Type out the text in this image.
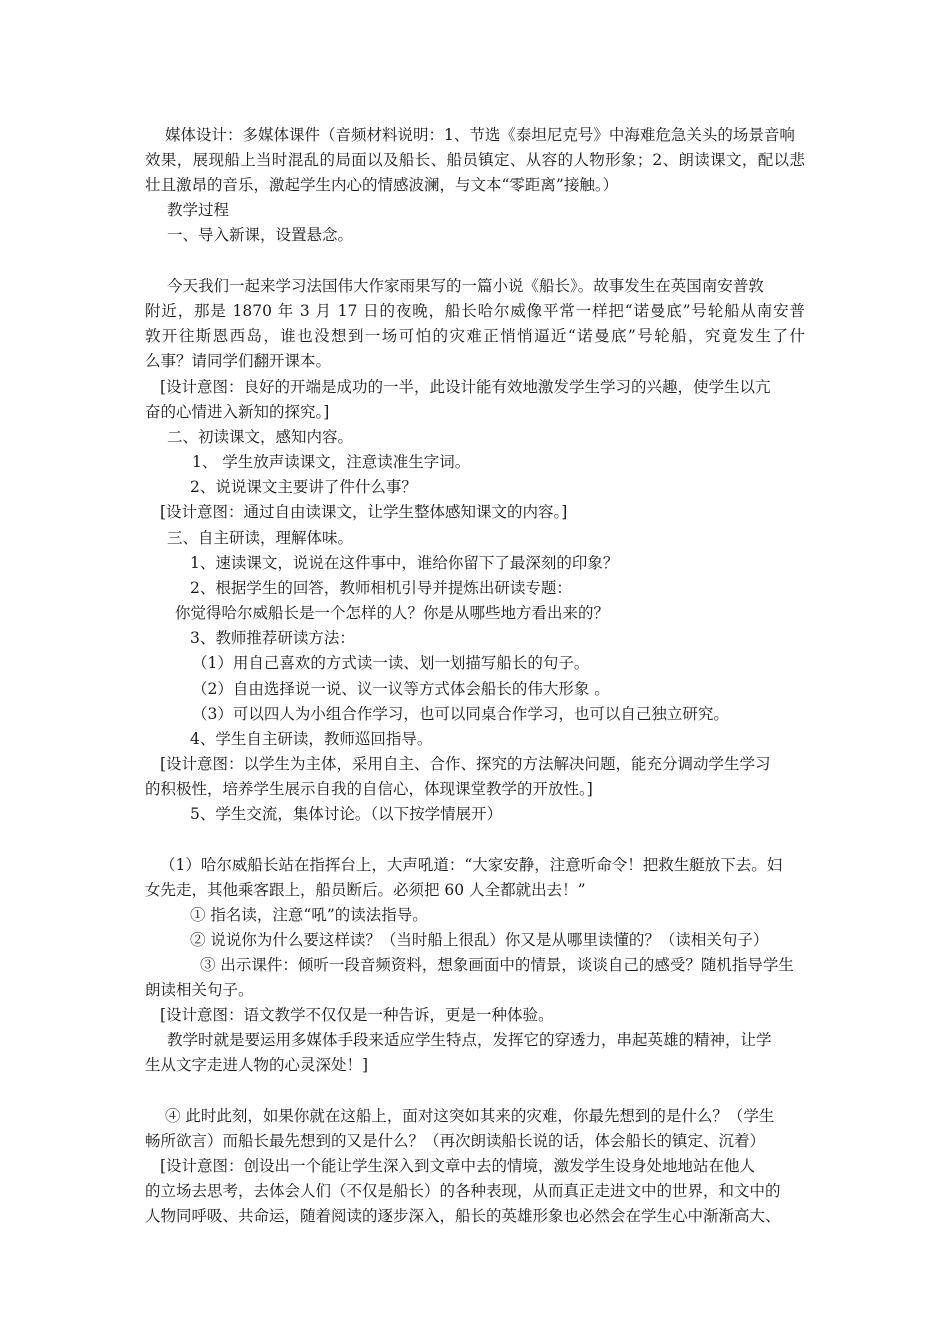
媒体设计：多媒体课件（音频材料说明：1、节选《泰坦尼克号》中海难危急关头的场景音响
效果，展现船上当时混乱的局面以及船长、船员镇定、从容的人物形象；2、朗读课文，配以悲
壮且激昂的音乐，激起学生内心的情感波澜，与文本“零距离”接触。）
教学过程
一、导入新课，设置悬念。
今天我们一起来学习法国伟大作家雨果写的一篇小说《船长》。故事发生在英国南安普敦
附近，那是 1870 年 3 月 17 日的夜晚，船长哈尔威像平常一样把“诺曼底”号轮船从南安普
敦开往斯恩西岛，谁也没想到一场可怕的灾难正悄悄逼近“诺曼底”号轮船，究竟发生了什
么事？请同学们翻开课本。
[设计意图：良好的开端是成功的一半，此设计能有效地激发学生学习的兴趣，使学生以亢
奋的心情进入新知的探究。]
二、初读课文，感知内容。
1、 学生放声读课文，注意读准生字词。
2、说说课文主要讲了件什么事？
[设计意图：通过自由读课文，让学生整体感知课文的内容。]
三、自主研读，理解体味。
1、速读课文，说说在这件事中，谁给你留下了最深刻的印象？
2、根据学生的回答，教师相机引导并提炼出研读专题：
你觉得哈尔威船长是一个怎样的人？你是从哪些地方看出来的？
3、教师推荐研读方法：
（1）用自己喜欢的方式读一读、划一划描写船长的句子。
（2）自由选择说一说、议一议等方式体会船长的伟大形象 。
（3）可以四人为小组合作学习，也可以同桌合作学习，也可以自己独立研究。
4、学生自主研读，教师巡回指导。
[设计意图：以学生为主体，采用自主、合作、探究的方法解决问题，能充分调动学生学习
的积极性，培养学生展示自我的自信心，体现课堂教学的开放性。]
5、学生交流，集体讨论。（以下按学情展开）
（1）哈尔威船长站在指挥台上，大声吼道：“大家安静，注意听命令！把救生艇放下去。妇
女先走，其他乘客跟上，船员断后。必须把 60 人全都就出去！”
① 指名读，注意“吼”的读法指导。
② 说说你为什么要这样读？（当时船上很乱）你又是从哪里读懂的？（读相关句子）
③ 出示课件：倾听一段音频资料，想象画面中的情景，谈谈自己的感受？随机指导学生
朗读相关句子。
[设计意图：语文教学不仅仅是一种告诉，更是一种体验。
教学时就是要运用多媒体手段来适应学生特点，发挥它的穿透力，串起英雄的精神，让学
生从文字走进人物的心灵深处！]
④ 此时此刻，如果你就在这船上，面对这突如其来的灾难，你最先想到的是什么？（学生
畅所欲言）而船长最先想到的又是什么？（再次朗读船长说的话，体会船长的镇定、沉着）
[设计意图：创设出一个能让学生深入到文章中去的情境，激发学生设身处地地站在他人
的立场去思考，去体会人们（不仅是船长）的各种表现，从而真正走进文中的世界，和文中的
人物同呼吸、共命运，随着阅读的逐步深入，船长的英雄形象也必然会在学生心中渐渐高大、
